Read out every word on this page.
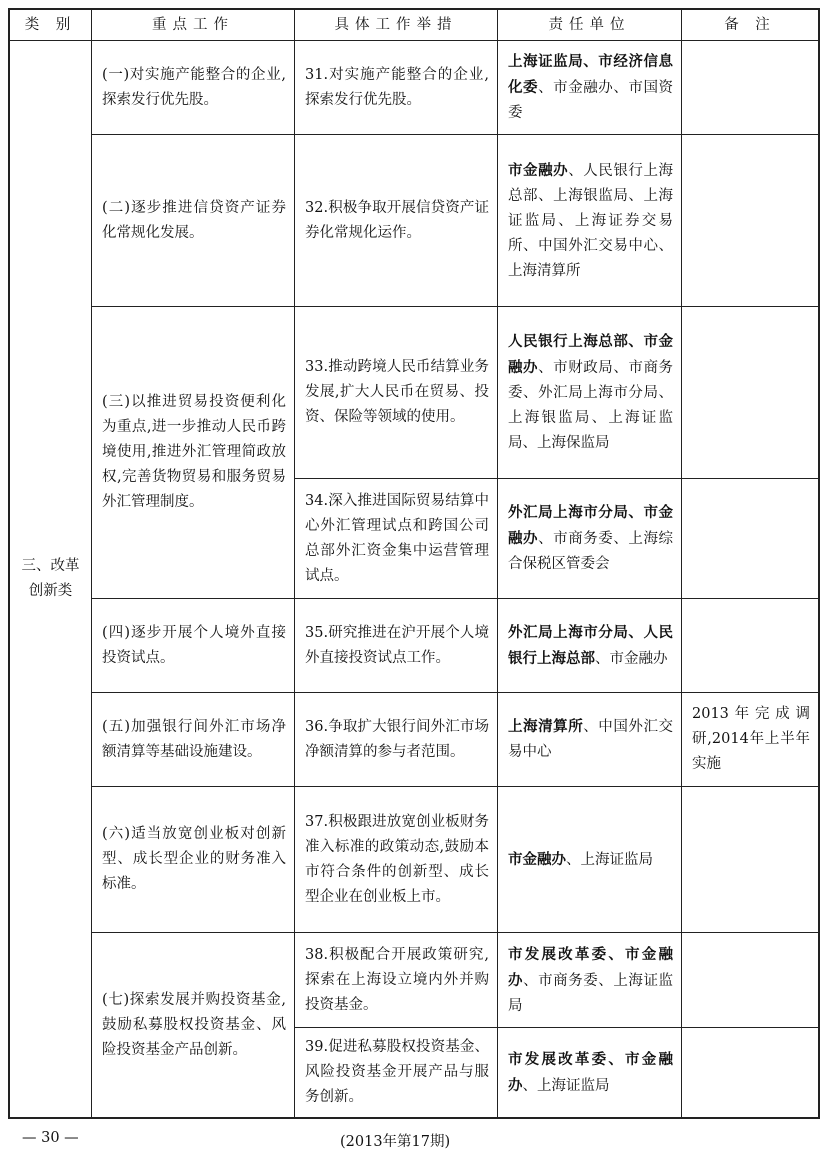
类 别	重点工作	具体工作举措	责任单位	备 注

三、改革
创新类	(一)对实施产能整合的企业,探索发行优先股。	31.对实施产能整合的企业,探索发行优先股。	上海证监局、市经济信息化委、市金融办、市国资委	

	(二)逐步推进信贷资产证券化常规化发展。	32.积极争取开展信贷资产证券化常规化运作。	市金融办、人民银行上海总部、上海银监局、上海证监局、上海证券交易所、中国外汇交易中心、上海清算所	

	(三)以推进贸易投资便利化为重点,进一步推动人民币跨境使用,推进外汇管理简政放权,完善货物贸易和服务贸易外汇管理制度。	33.推动跨境人民币结算业务发展,扩大人民币在贸易、投资、保险等领域的使用。	人民银行上海总部、市金融办、市财政局、市商务委、外汇局上海市分局、上海银监局、上海证监局、上海保监局	

		34.深入推进国际贸易结算中心外汇管理试点和跨国公司总部外汇资金集中运营管理试点。	外汇局上海市分局、市金融办、市商务委、上海综合保税区管委会	

	(四)逐步开展个人境外直接投资试点。	35.研究推进在沪开展个人境外直接投资试点工作。	外汇局上海市分局、人民银行上海总部、市金融办	

	(五)加强银行间外汇市场净额清算等基础设施建设。	36.争取扩大银行间外汇市场净额清算的参与者范围。	上海清算所、中国外汇交易中心	2013年完成调研,2014年上半年实施

	(六)适当放宽创业板对创新型、成长型企业的财务准入标准。	37.积极跟进放宽创业板财务准入标准的政策动态,鼓励本市符合条件的创新型、成长型企业在创业板上市。	市金融办、上海证监局	

	(七)探索发展并购投资基金,鼓励私募股权投资基金、风险投资基金产品创新。	38.积极配合开展政策研究,探索在上海设立境内外并购投资基金。	市发展改革委、市金融办、市商务委、上海证监局	

		39.促进私募股权投资基金、风险投资基金开展产品与服务创新。	市发展改革委、市金融办、上海证监局	

— 30 —	(2013年第17期)
